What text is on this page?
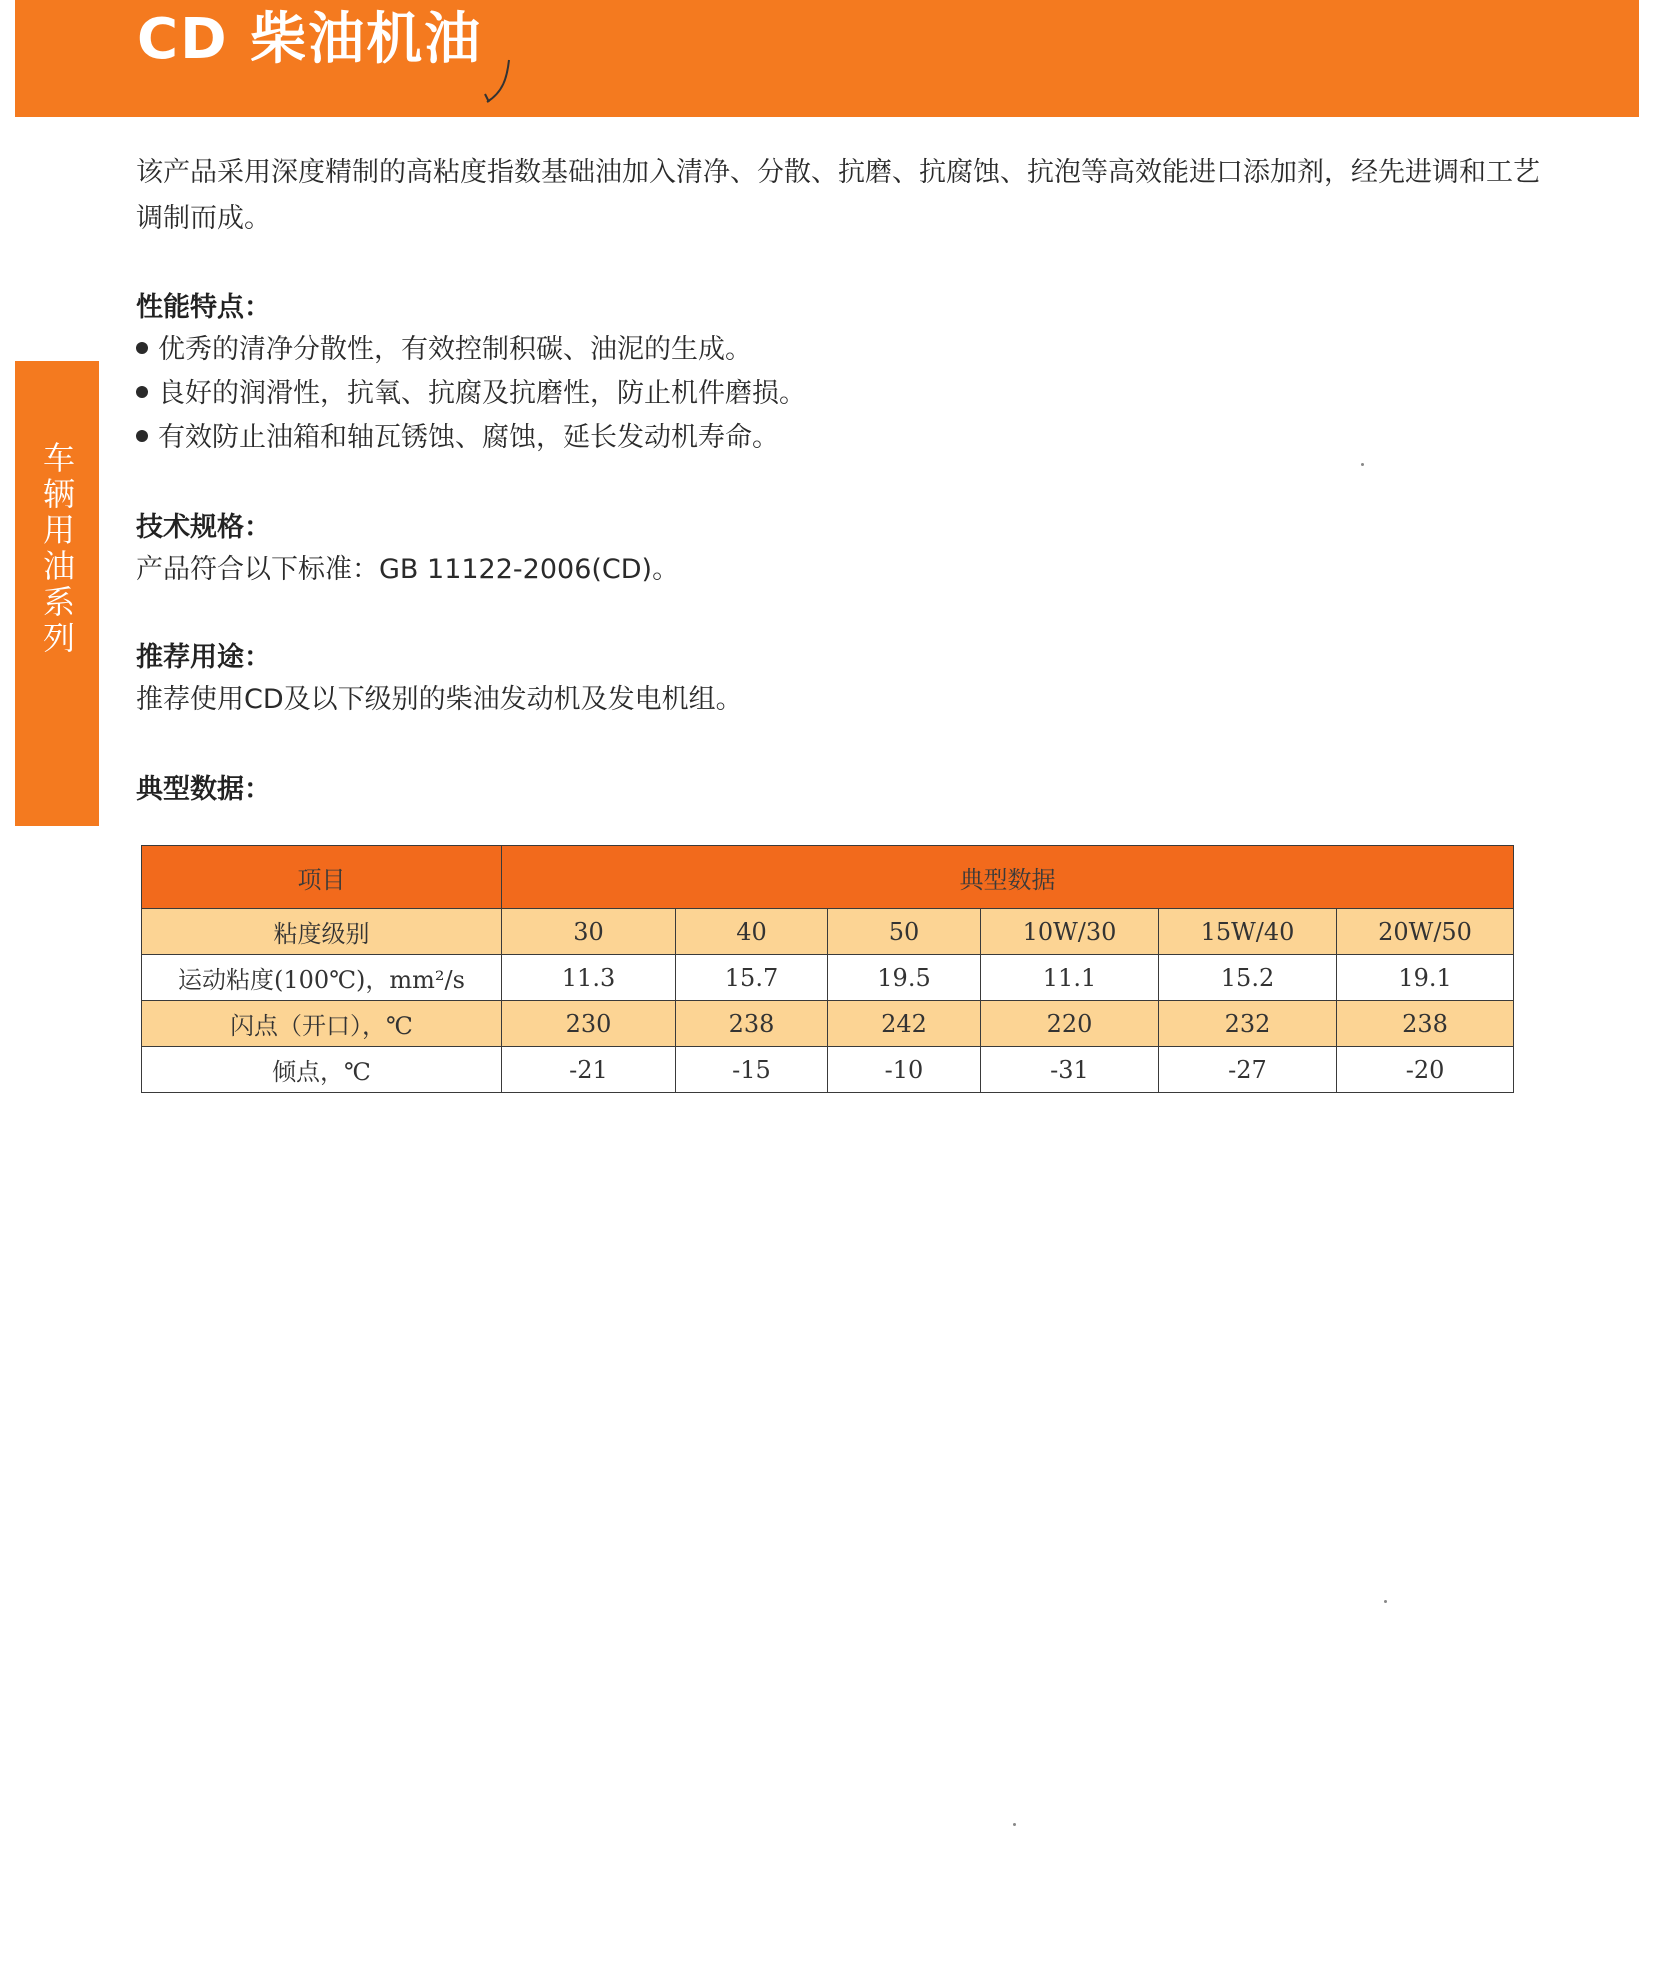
CD 柴油机油
车辆用油系列

该产品采用深度精制的高粘度指数基础油加入清净、分散、抗磨、抗腐蚀、抗泡等高效能进口添加剂，经先进调和工艺调制而成。

性能特点：

优秀的清净分散性，有效控制积碳、油泥的生成。
良好的润滑性，抗氧、抗腐及抗磨性，防止机件磨损。
有效防止油箱和轴瓦锈蚀、腐蚀，延长发动机寿命。

技术规格：

产品符合以下标准：GB 11122-2006(CD)。

推荐用途：

推荐使用CD及以下级别的柴油发动机及发电机组。

典型数据：

项目	典型数据					
粘度级别	30	40	50	10W/30	15W/40	20W/50
运动粘度(100℃)，mm²/s	11.3	15.7	19.5	11.1	15.2	19.1
闪点（开口），℃	230	238	242	220	232	238
倾点，℃	-21	-15	-10	-31	-27	-20
